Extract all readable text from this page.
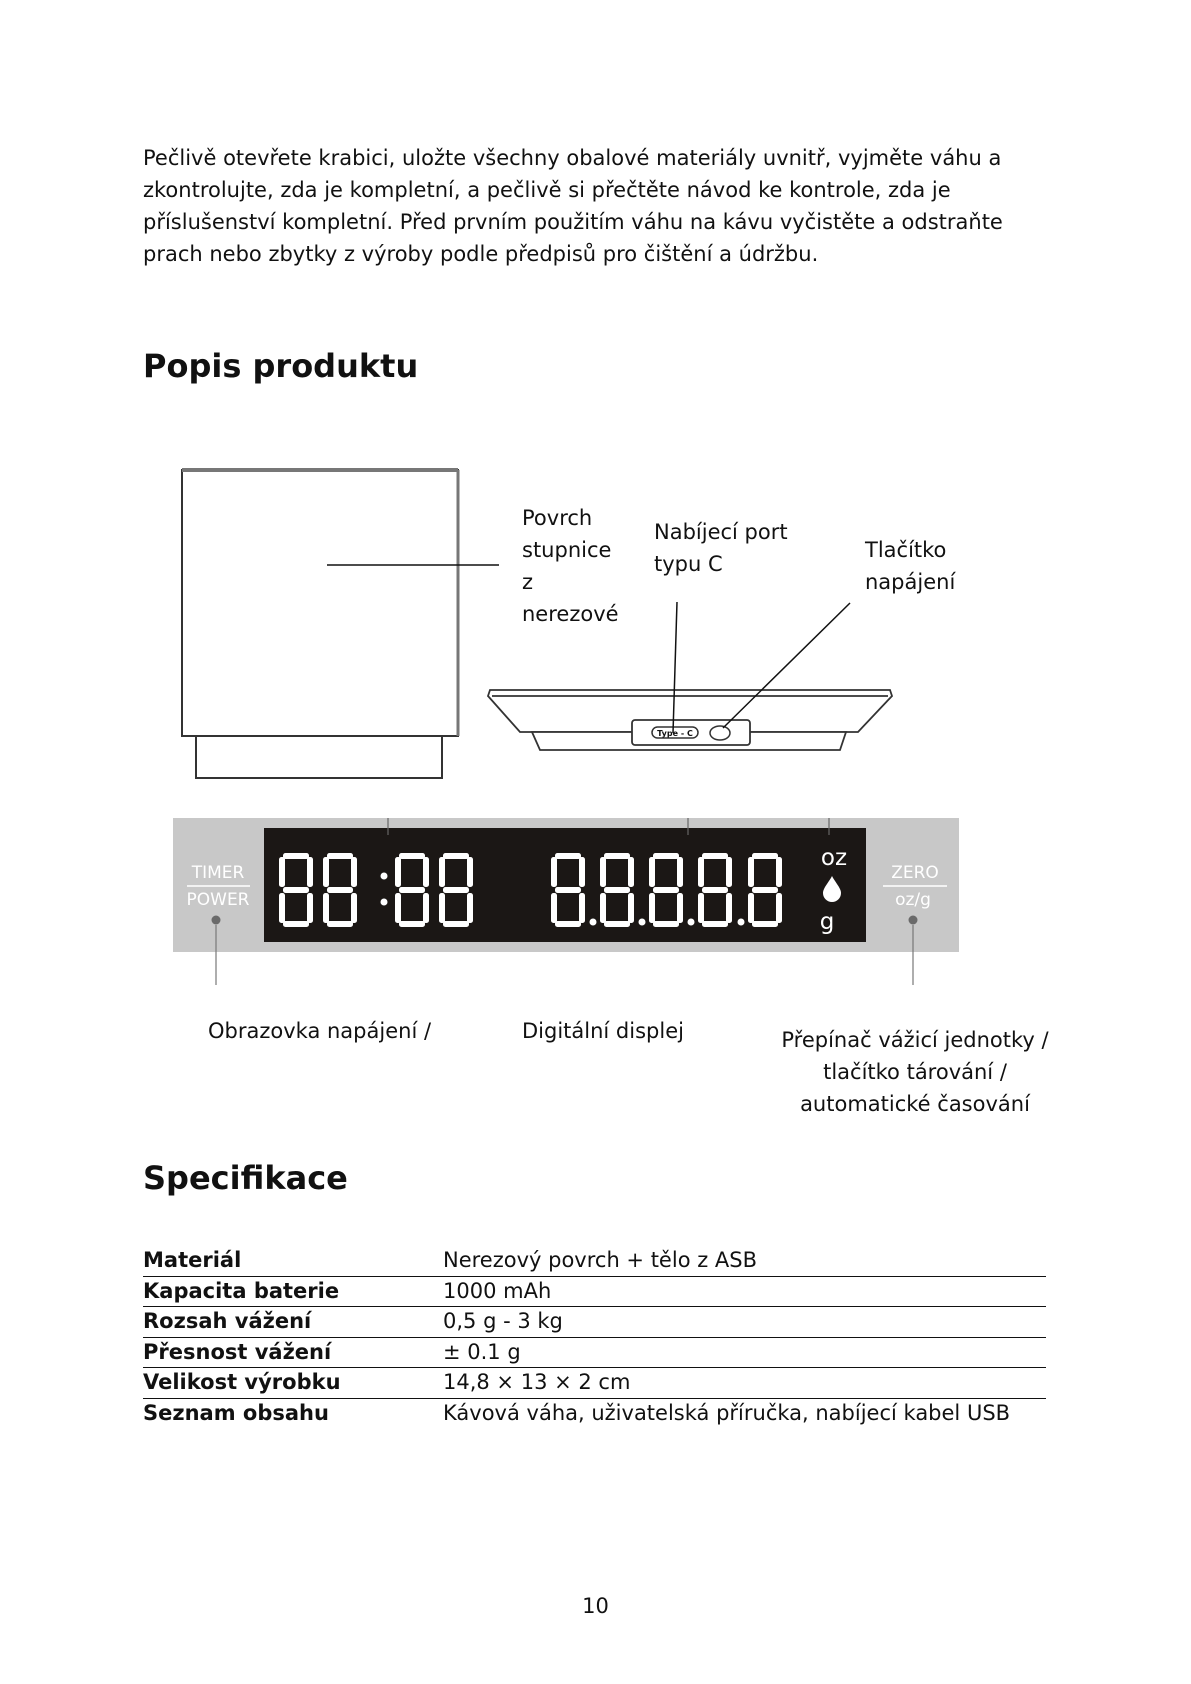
Pečlivě otevřete krabici, uložte všechny obalové materiály uvnitř, vyjměte váhu a zkontrolujte, zda je kompletní, a pečlivě si přečtěte návod ke kontrole, zda je příslušenství kompletní. Před prvním použitím váhu na kávu vyčistěte a odstraňte prach nebo zbytky z výroby podle předpisů pro čištění a údržbu.

Popis produktu
Type - C
TIMER
POWER
ZERO
oz/g
oz
g
Povrch
stupnice
z
nerezové
Nabíjecí port
typu C
Tlačítko
napájení
Obrazovka napájení /	Digitální displej	Přepínač vážicí jednotky /
tlačítko tárování /
automatické časování
Specifikace
Materiál	Nerezový povrch + tělo z ASB
Kapacita baterie	1000 mAh
Rozsah vážení	0,5 g - 3 kg
Přesnost vážení	± 0.1 g
Velikost výrobku	14,8 × 13 × 2 cm
Seznam obsahu	Kávová váha, uživatelská příručka, nabíjecí kabel USB
10
